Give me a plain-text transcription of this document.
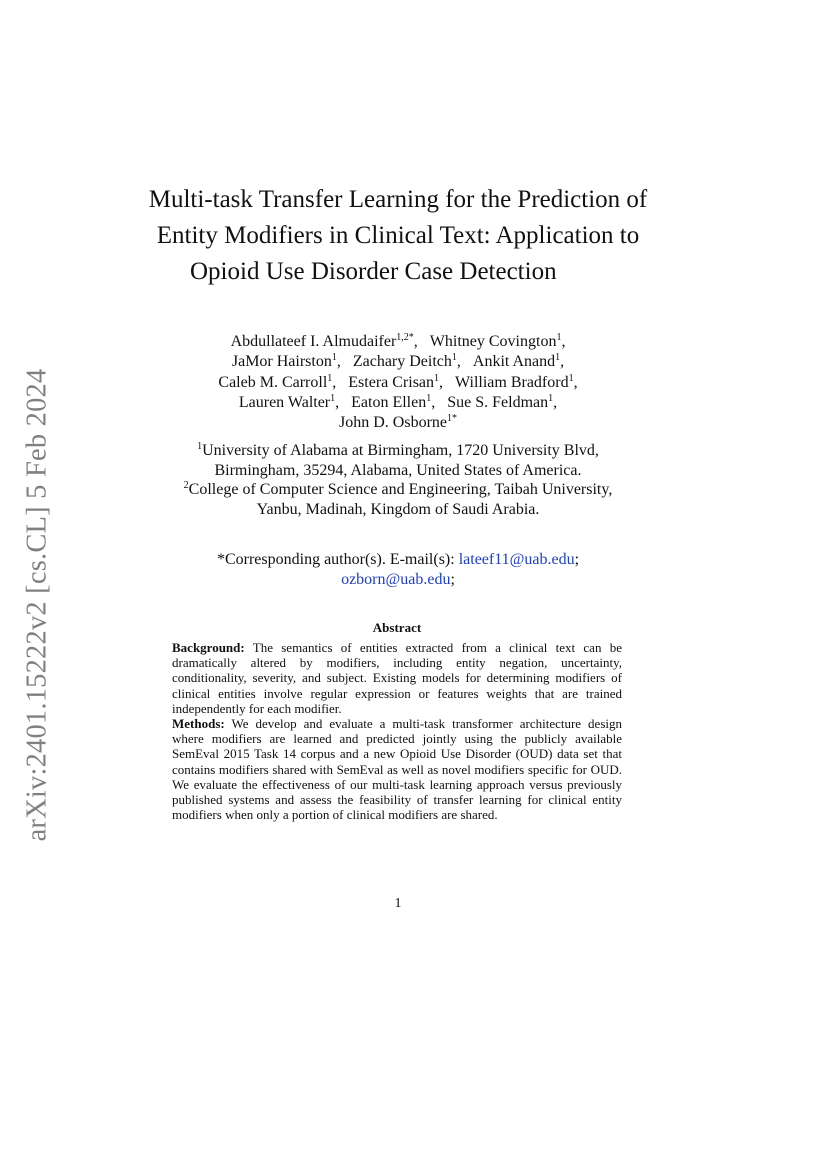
arXiv:2401.15222v2 [cs.CL] 5 Feb 2024
Multi-task Transfer Learning for the Prediction of
Entity Modifiers in Clinical Text: Application to
Opioid Use Disorder Case Detection
Abdullateef I. Almudaifer$^{1,2*}$, Whitney Covington$^1$,
JaMor Hairston$^1$, Zachary Deitch$^1$, Ankit Anand$^1$,
Caleb M. Carroll$^1$, Estera Crisan$^1$, William Bradford$^1$,
Lauren Walter$^1$, Eaton Ellen$^1$, Sue S. Feldman$^1$,
John D. Osborne$^{1*}$
$^1$University of Alabama at Birmingham, 1720 University Blvd,
Birmingham, 35294, Alabama, United States of America.
$^2$College of Computer Science and Engineering, Taibah University,
Yanbu, Madinah, Kingdom of Saudi Arabia.
*Corresponding author(s). E-mail(s): lateef11@uab.edu;
ozborn@uab.edu;
Abstract

Background: The semantics of entities extracted from a clinical text can be dramatically altered by modifiers, including entity negation, uncertainty, conditionality, severity, and subject. Existing models for determining modifiers of clinical entities involve regular expression or features weights that are trained independently for each modifier.

Methods: We develop and evaluate a multi-task transformer architecture design where modifiers are learned and predicted jointly using the publicly available SemEval 2015 Task 14 corpus and a new Opioid Use Disorder (OUD) data set that contains modifiers shared with SemEval as well as novel modifiers specific for OUD. We evaluate the effectiveness of our multi-task learning approach versus previously published systems and assess the feasibility of transfer learning for clinical entity modifiers when only a portion of clinical modifiers are shared.

1
